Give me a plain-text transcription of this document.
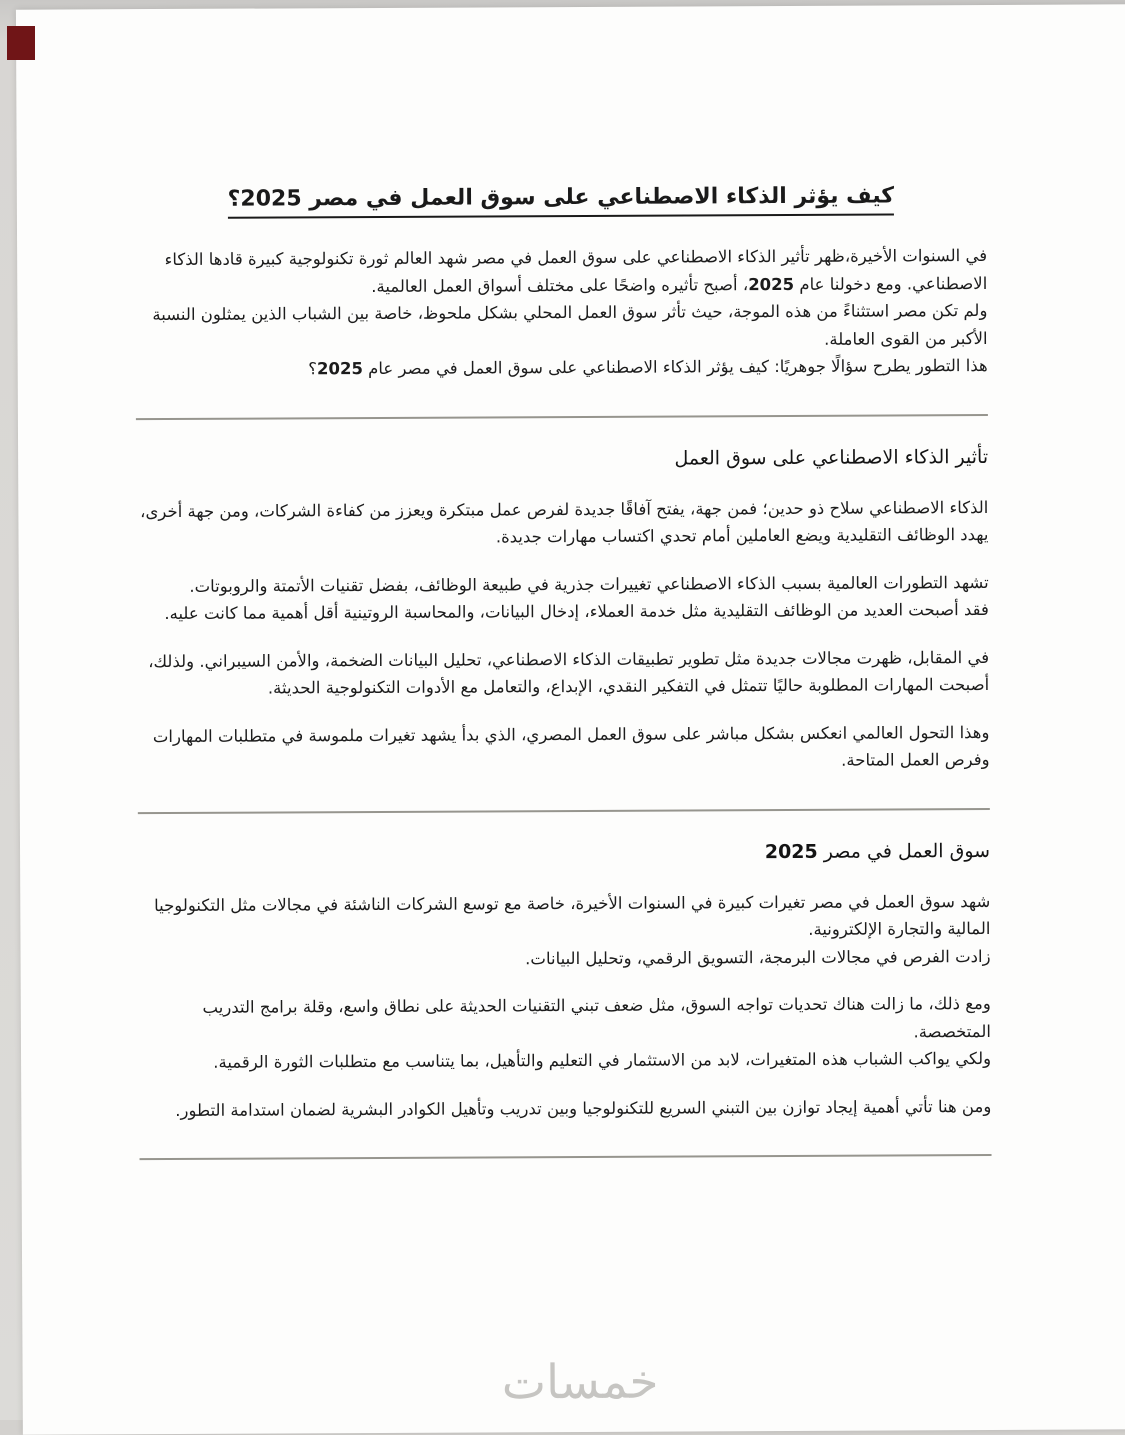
كيف يؤثر الذكاء الاصطناعي على سوق العمل في مصر 2025؟

في السنوات الأخيرة،ظهر تأثير الذكاء الاصطناعي على سوق العمل في مصر شهد العالم ثورة تكنولوجية كبيرة قادها الذكاء الاصطناعي. ومع دخولنا عام 2025، أصبح تأثيره واضحًا على مختلف أسواق العمل العالمية.
ولم تكن مصر استثناءً من هذه الموجة، حيث تأثر سوق العمل المحلي بشكل ملحوظ، خاصة بين الشباب الذين يمثلون النسبة الأكبر من القوى العاملة.
هذا التطور يطرح سؤالًا جوهريًا: كيف يؤثر الذكاء الاصطناعي على سوق العمل في مصر عام 2025؟

تأثير الذكاء الاصطناعي على سوق العمل

الذكاء الاصطناعي سلاح ذو حدين؛ فمن جهة، يفتح آفاقًا جديدة لفرص عمل مبتكرة ويعزز من كفاءة الشركات، ومن جهة أخرى، يهدد الوظائف التقليدية ويضع العاملين أمام تحدي اكتساب مهارات جديدة.

تشهد التطورات العالمية بسبب الذكاء الاصطناعي تغييرات جذرية في طبيعة الوظائف، بفضل تقنيات الأتمتة والروبوتات.
فقد أصبحت العديد من الوظائف التقليدية مثل خدمة العملاء، إدخال البيانات، والمحاسبة الروتينية أقل أهمية مما كانت عليه.

في المقابل، ظهرت مجالات جديدة مثل تطوير تطبيقات الذكاء الاصطناعي، تحليل البيانات الضخمة، والأمن السيبراني. ولذلك، أصبحت المهارات المطلوبة حاليًا تتمثل في التفكير النقدي، الإبداع، والتعامل مع الأدوات التكنولوجية الحديثة.

وهذا التحول العالمي انعكس بشكل مباشر على سوق العمل المصري، الذي بدأ يشهد تغيرات ملموسة في متطلبات المهارات وفرص العمل المتاحة.

سوق العمل في مصر 2025

شهد سوق العمل في مصر تغيرات كبيرة في السنوات الأخيرة، خاصة مع توسع الشركات الناشئة في مجالات مثل التكنولوجيا المالية والتجارة الإلكترونية.
زادت الفرص في مجالات البرمجة، التسويق الرقمي، وتحليل البيانات.

ومع ذلك، ما زالت هناك تحديات تواجه السوق، مثل ضعف تبني التقنيات الحديثة على نطاق واسع، وقلة برامج التدريب المتخصصة.
ولكي يواكب الشباب هذه المتغيرات، لابد من الاستثمار في التعليم والتأهيل، بما يتناسب مع متطلبات الثورة الرقمية.

ومن هنا تأتي أهمية إيجاد توازن بين التبني السريع للتكنولوجيا وبين تدريب وتأهيل الكوادر البشرية لضمان استدامة التطور.

خمسات
